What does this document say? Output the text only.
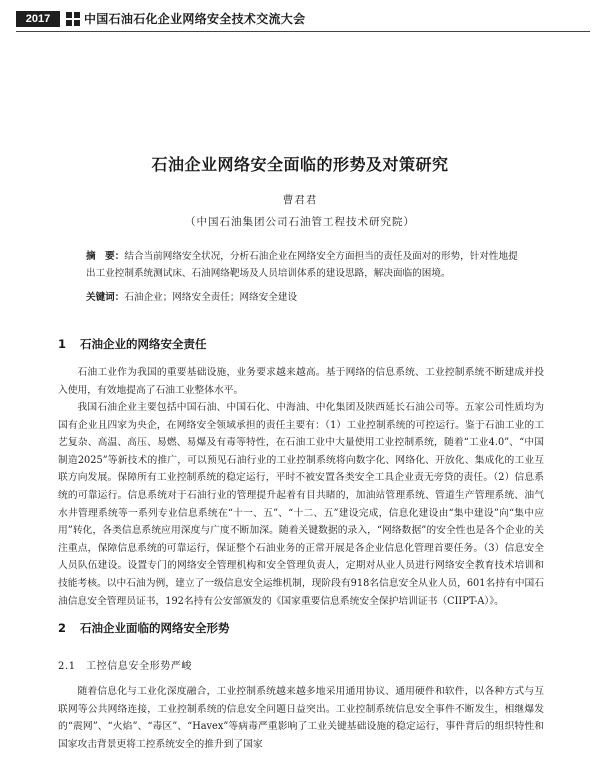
2017	中国石油石化企业网络安全技术交流大会
石油企业网络安全面临的形势及对策研究
曹君君
（中国石油集团公司石油管工程技术研究院）
摘　要：结合当前网络安全状况，分析石油企业在网络安全方面担当的责任及面对的形势，针对性地提出工业控制系统测试床、石油网络靶场及人员培训体系的建设思路，解决面临的困境。
关键词：石油企业；网络安全责任；网络安全建设
1 石油企业的网络安全责任

石油工业作为我国的重要基础设施，业务要求越来越高。基于网络的信息系统、工业控制系统不断建成并投入使用，有效地提高了石油工业整体水平。

我国石油企业主要包括中国石油、中国石化、中海油、中化集团及陕西延长石油公司等。五家公司性质均为国有企业且四家为央企，在网络安全领域承担的责任主要有：（1）工业控制系统的可控运行。鉴于石油工业的工艺复杂、高温、高压、易燃、易爆及有毒等特性，在石油工业中大量使用工业控制系统，随着“工业4.0”、“中国制造2025”等新技术的推广，可以预见石油行业的工业控制系统将向数字化、网络化、开放化、集成化的工业互联方向发展。保障所有工业控制系统的稳定运行，平时不被安置各类安全工具企业责无旁贷的责任。（2）信息系统的可靠运行。信息系统对于石油行业的管理提升起着有目共睹的，加油站管理系统、管道生产管理系统、油气水井管理系统等一系列专业信息系统在“十一、五”、“十二、五”建设完成，信息化建设由“集中建设”向“集中应用”转化，各类信息系统应用深度与广度不断加深。随着关键数据的录入，“网络数据”的安全性也是各个企业的关注重点，保障信息系统的可靠运行，保证整个石油业务的正常开展是各企业信息化管理首要任务。（3）信息安全人员队伍建设。设置专门的网络安全管理机构和安全管理负责人，定期对从业人员进行网络安全教育技术培训和技能考核。以中石油为例，建立了一级信息安全运维机制，现阶段有918名信息安全从业人员，601名持有中国石油信息安全管理员证书，192名持有公安部颁发的《国家重要信息系统安全保护培训证书（CIIPT-A）》。

2 石油企业面临的网络安全形势
2.1 工控信息安全形势严峻

随着信息化与工业化深度融合，工业控制系统越来越多地采用通用协议、通用硬件和软件，以各种方式与互联网等公共网络连接，工业控制系统的信息安全问题日益突出。工业控制系统信息安全事件不断发生，相继爆发的“震网”、“火焰”、“毒区”、“Havex”等病毒严重影响了工业关键基础设施的稳定运行，事件背后的组织特性和国家攻击背景更将工控系统安全的推升到了国家
